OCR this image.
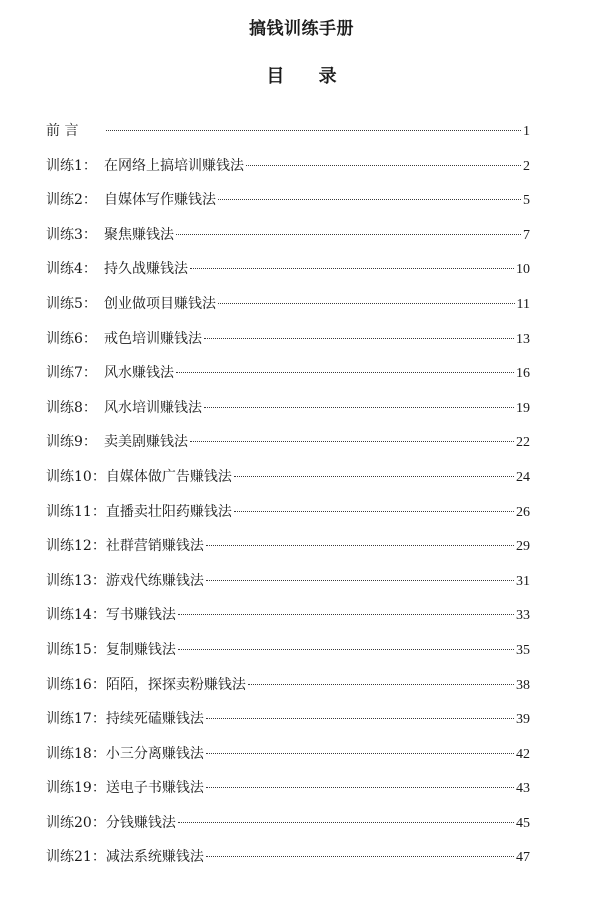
搞钱训练手册
目 录
前 言	1
训练1： 在网络上搞培训赚钱法	2
训练2： 自媒体写作赚钱法	5
训练3： 聚焦赚钱法	7
训练4： 持久战赚钱法	10
训练5： 创业做项目赚钱法	11
训练6： 戒色培训赚钱法	13
训练7： 风水赚钱法	16
训练8： 风水培训赚钱法	19
训练9： 卖美剧赚钱法	22
训练10：自媒体做广告赚钱法	24
训练11：直播卖壮阳药赚钱法	26
训练12：社群营销赚钱法	29
训练13：游戏代练赚钱法	31
训练14：写书赚钱法	33
训练15：复制赚钱法	35
训练16：陌陌，探探卖粉赚钱法	38
训练17：持续死磕赚钱法	39
训练18：小三分离赚钱法	42
训练19：送电子书赚钱法	43
训练20：分钱赚钱法	45
训练21：减法系统赚钱法	47
